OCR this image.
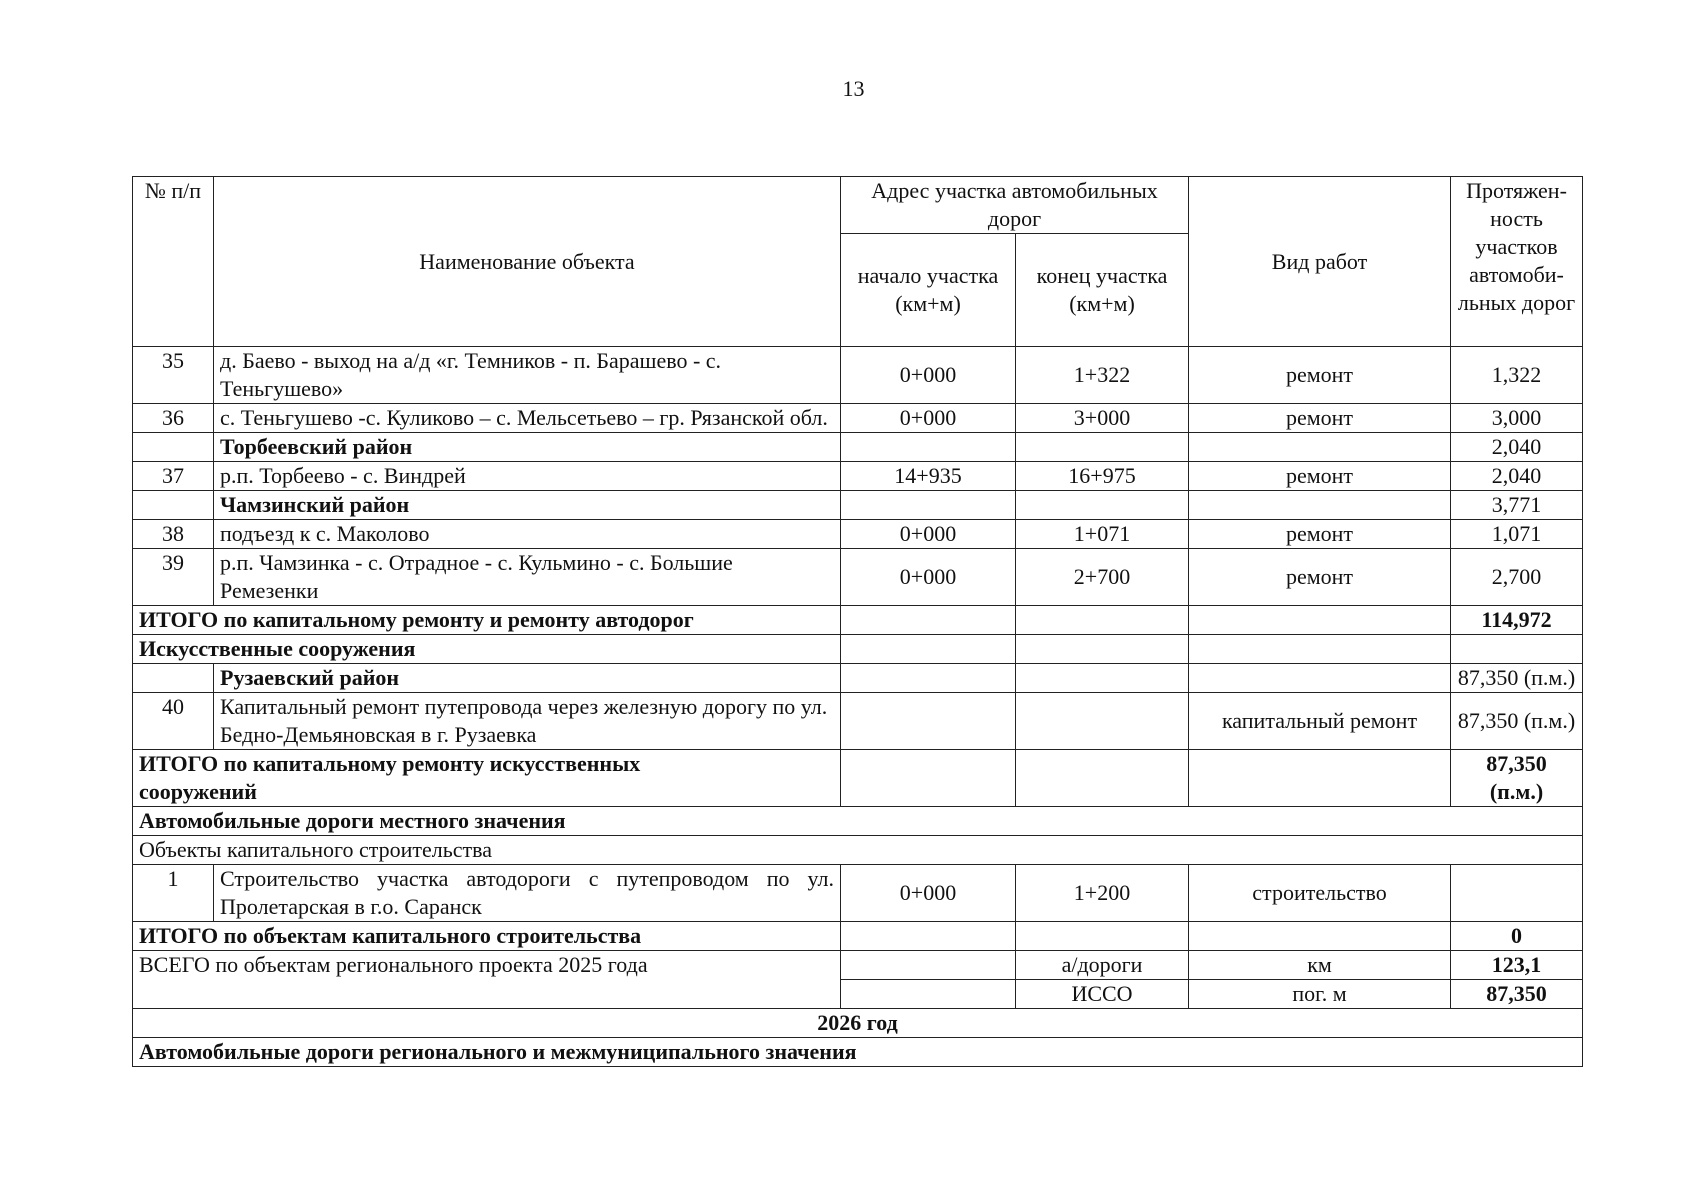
13
№ п/п	Наименование объекта	Адрес участка автомобильных дорог		Вид работ	Протяжен-ность участков автомоби-льных дорог
		начало участка (км+м)	конец участка (км+м)		
35	д. Баево - выход на а/д «г. Темников - п. Барашево - с. Теньгушево»	0+000	1+322	ремонт	1,322
36	с. Теньгушево -с. Куликово – с. Мельсетьево – гр. Рязанской обл.	0+000	3+000	ремонт	3,000
	Торбеевский район				2,040
37	р.п. Торбеево - с. Виндрей	14+935	16+975	ремонт	2,040
	Чамзинский район				3,771
38	подъезд к с. Маколово	0+000	1+071	ремонт	1,071
39	р.п. Чамзинка - с. Отрадное - с. Кульмино - с. Большие Ремезенки	0+000	2+700	ремонт	2,700
ИТОГО по капитальному ремонту и ремонту автодорог					114,972
Искусственные сооружения					
	Рузаевский район				87,350 (п.м.)
40	Капитальный ремонт путепровода через железную дорогу по ул. Бедно-Демьяновская в г. Рузаевка			капитальный ремонт	87,350 (п.м.)
ИТОГО по капитальному ремонту искусственных сооружений					87,350 (п.м.)
Автомобильные дороги местного значения					
Объекты капитального строительства					
1	Строительство участка автодороги с путепроводом по ул. Пролетарская в г.о. Саранск	0+000	1+200	строительство	
ИТОГО по объектам капитального строительства					0
ВСЕГО по объектам регионального проекта 2025 года			а/дороги	км	123,1
			ИССО	пог. м	87,350
2026 год					
Автомобильные дороги регионального и межмуниципального значения					
